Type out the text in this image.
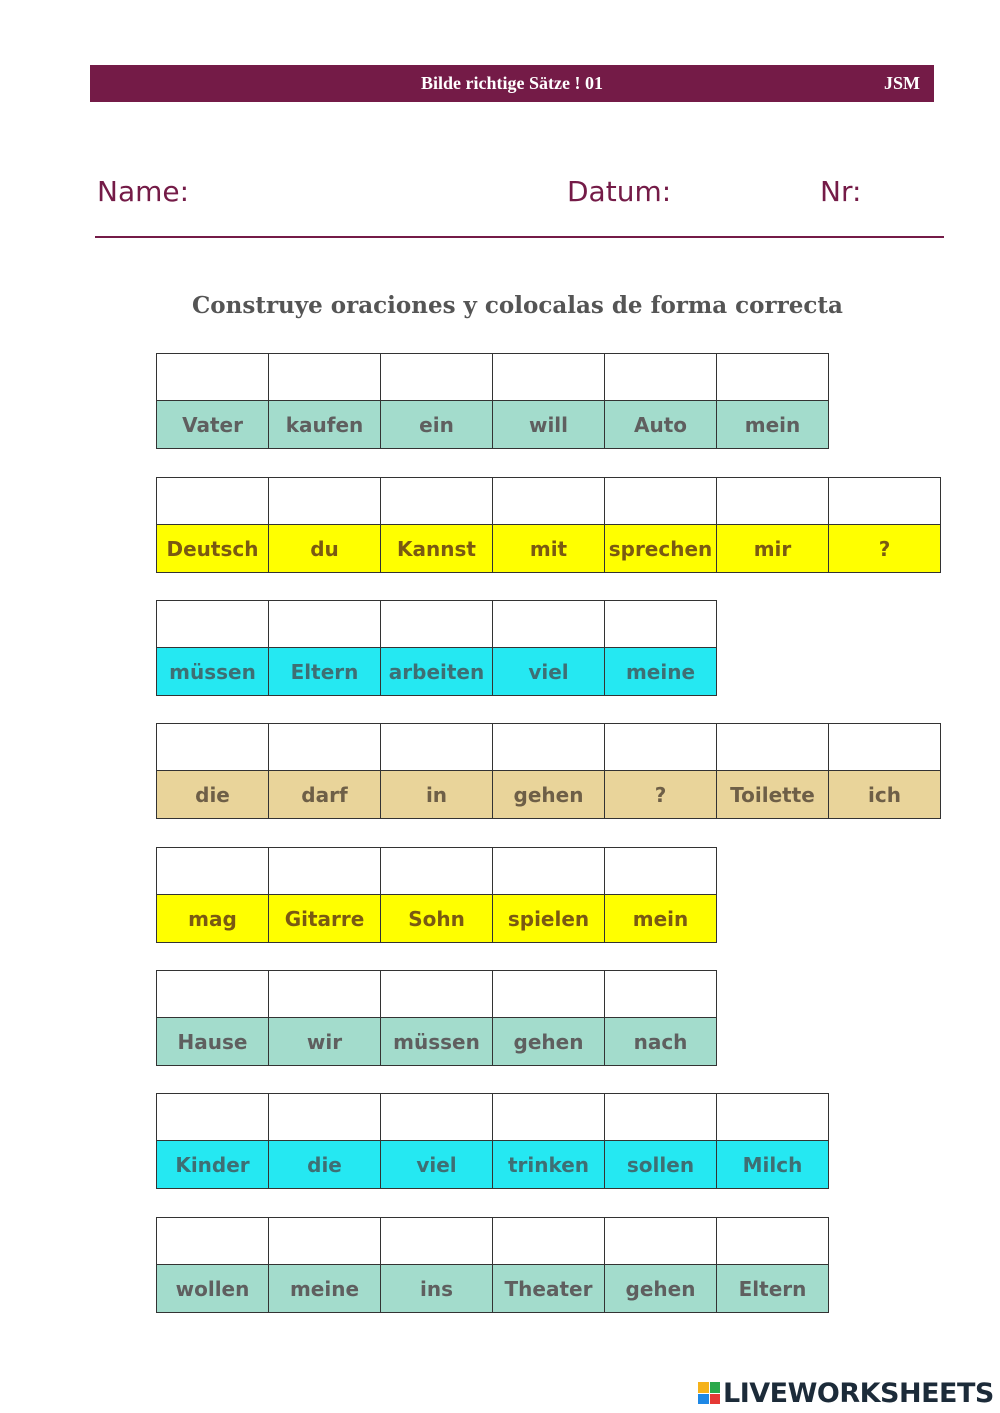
Bilde richtige Sätze ! 01	JSM
Name:	Datum:	Nr:
Construye oraciones y colocalas de forma correcta
Vater	kaufen	ein	will	Auto	mein
Deutsch	du	Kannst	mit	sprechen	mir	?
müssen	Eltern	arbeiten	viel	meine
die	darf	in	gehen	?	Toilette	ich
mag	Gitarre	Sohn	spielen	mein
Hause	wir	müssen	gehen	nach
Kinder	die	viel	trinken	sollen	Milch
wollen	meine	ins	Theater	gehen	Eltern
LIVEWORKSHEETS
